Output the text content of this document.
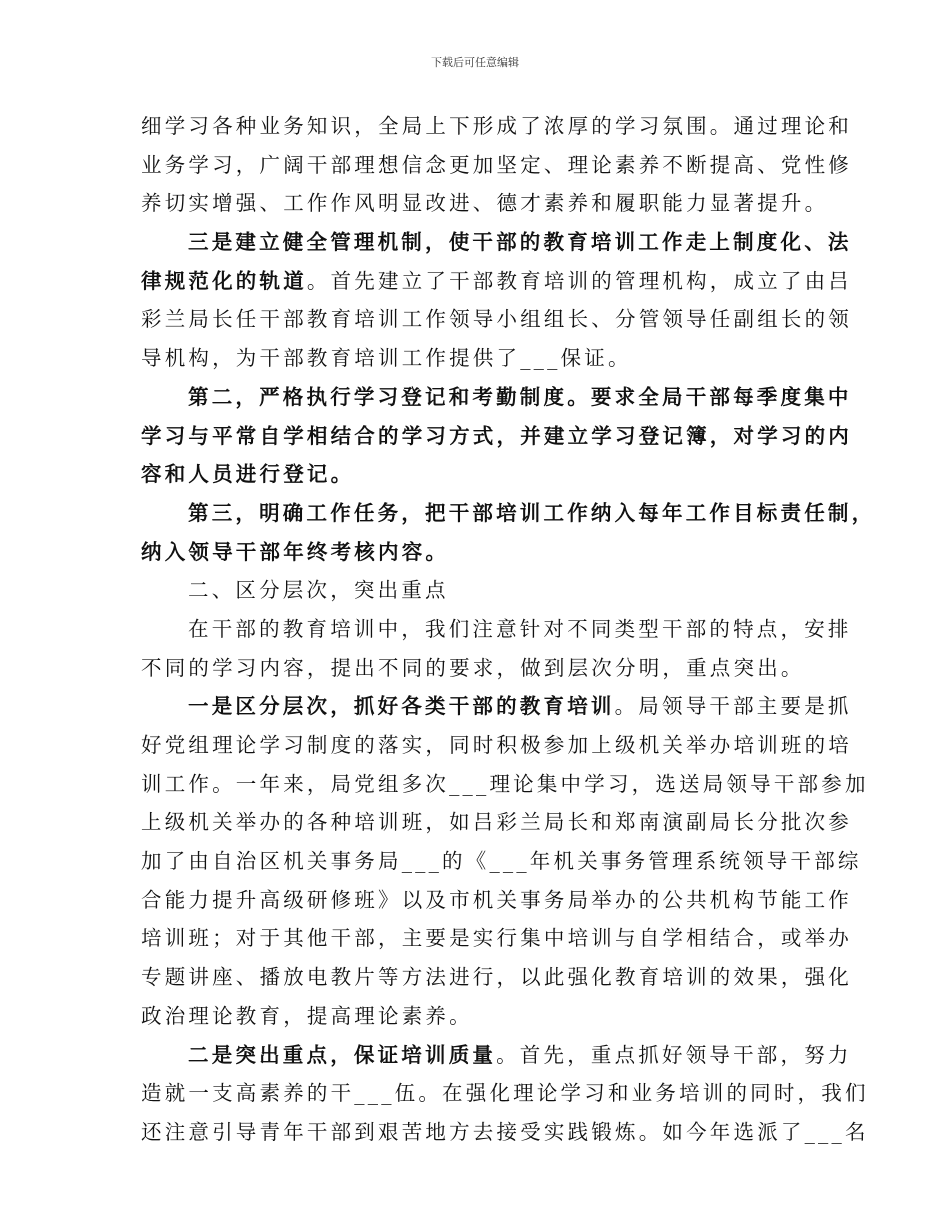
下载后可任意编辑
细学习各种业务知识，全局上下形成了浓厚的学习氛围。通过理论和
业务学习，广阔干部理想信念更加坚定、理论素养不断提高、党性修
养切实增强、工作作风明显改进、德才素养和履职能力显著提升。
三是建立健全管理机制，使干部的教育培训工作走上制度化、法
律规范化的轨道。首先建立了干部教育培训的管理机构，成立了由吕
彩兰局长任干部教育培训工作领导小组组长、分管领导任副组长的领
导机构，为干部教育培训工作提供了___保证。
第二，严格执行学习登记和考勤制度。要求全局干部每季度集中
学习与平常自学相结合的学习方式，并建立学习登记簿，对学习的内
容和人员进行登记。
第三，明确工作任务，把干部培训工作纳入每年工作目标责任制，
纳入领导干部年终考核内容。
二、区分层次，突出重点
在干部的教育培训中，我们注意针对不同类型干部的特点，安排
不同的学习内容，提出不同的要求，做到层次分明，重点突出。
一是区分层次，抓好各类干部的教育培训。局领导干部主要是抓
好党组理论学习制度的落实，同时积极参加上级机关举办培训班的培
训工作。一年来，局党组多次___理论集中学习，选送局领导干部参加
上级机关举办的各种培训班，如吕彩兰局长和郑南演副局长分批次参
加了由自治区机关事务局___的《___年机关事务管理系统领导干部综
合能力提升高级研修班》以及市机关事务局举办的公共机构节能工作
培训班；对于其他干部，主要是实行集中培训与自学相结合，或举办
专题讲座、播放电教片等方法进行，以此强化教育培训的效果，强化
政治理论教育，提高理论素养。
二是突出重点，保证培训质量。首先，重点抓好领导干部，努力
造就一支高素养的干___伍。在强化理论学习和业务培训的同时，我们
还注意引导青年干部到艰苦地方去接受实践锻炼。如今年选派了___名
